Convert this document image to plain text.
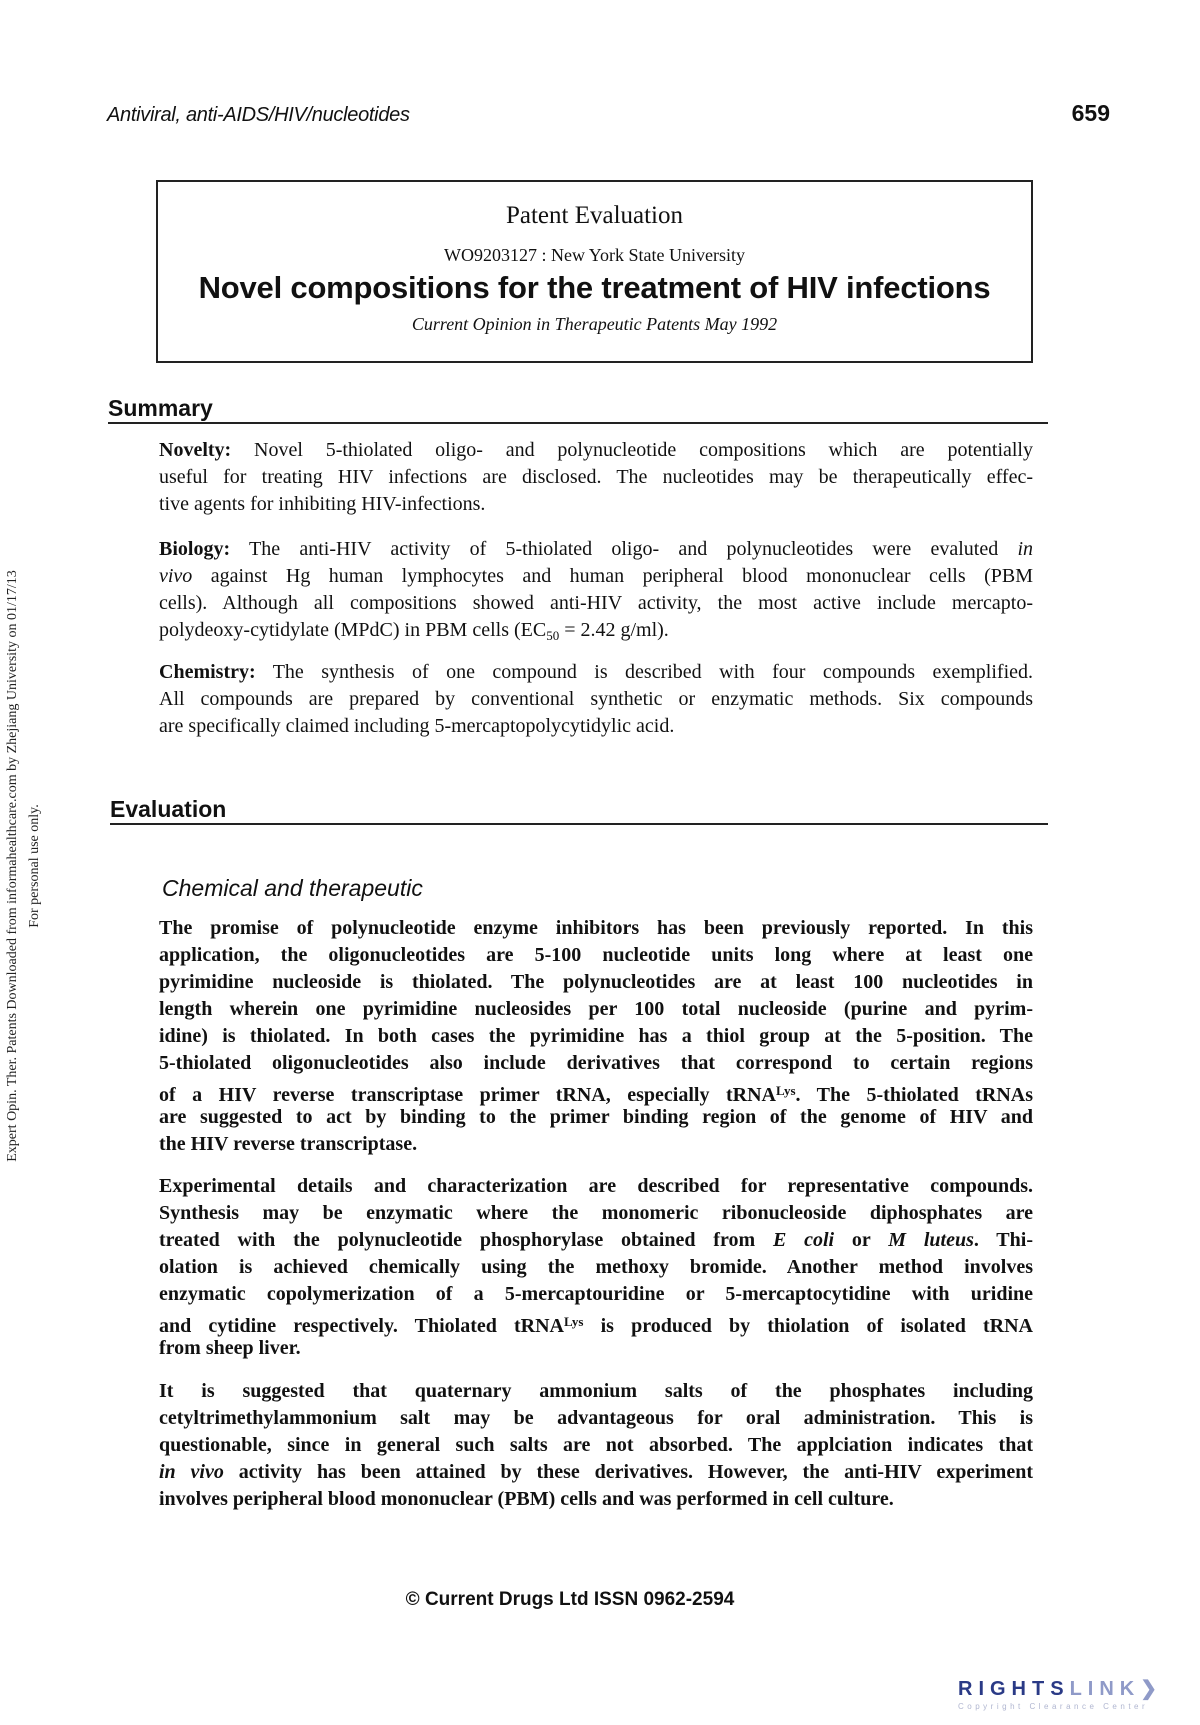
Antiviral, anti-AIDS/HIV/nucleotides	659
Patent Evaluation
WO9203127 : New York State University
Novel compositions for the treatment of HIV infections
Current Opinion in Therapeutic Patents May 1992
Summary
Novelty: Novel 5-thiolated oligo- and polynucleotide compositions which are potentially
useful for treating HIV infections are disclosed. The nucleotides may be therapeutically effec-
tive agents for inhibiting HIV-infections.
Biology: The anti-HIV activity of 5-thiolated oligo- and polynucleotides were evaluted in
vivo against Hg human lymphocytes and human peripheral blood mononuclear cells (PBM
cells). Although all compositions showed anti-HIV activity, the most active include mercapto-
polydeoxy-cytidylate (MPdC) in PBM cells ($EC_{50} = 2.42$ g/ml).
Chemistry: The synthesis of one compound is described with four compounds exemplified.
All compounds are prepared by conventional synthetic or enzymatic methods. Six compounds
are specifically claimed including 5-mercaptopolycytidylic acid.
Evaluation
Chemical and therapeutic
The promise of polynucleotide enzyme inhibitors has been previously reported. In this
application, the oligonucleotides are 5-100 nucleotide units long where at least one
pyrimidine nucleoside is thiolated. The polynucleotides are at least 100 nucleotides in
length wherein one pyrimidine nucleosides per 100 total nucleoside (purine and pyrim-
idine) is thiolated. In both cases the pyrimidine has a thiol group at the 5-position. The
5-thiolated oligonucleotides also include derivatives that correspond to certain regions
of a HIV reverse transcriptase primer tRNA, especially tRNA$^{Lys}$. The 5-thiolated tRNAs
are suggested to act by binding to the primer binding region of the genome of HIV and
the HIV reverse transcriptase.
Experimental details and characterization are described for representative compounds.
Synthesis may be enzymatic where the monomeric ribonucleoside diphosphates are
treated with the polynucleotide phosphorylase obtained from E coli or M luteus. Thi-
olation is achieved chemically using the methoxy bromide. Another method involves
enzymatic copolymerization of a 5-mercaptouridine or 5-mercaptocytidine with uridine
and cytidine respectively. Thiolated tRNA$^{Lys}$ is produced by thiolation of isolated tRNA
from sheep liver.
It is suggested that quaternary ammonium salts of the phosphates including
cetyltrimethylammonium salt may be advantageous for oral administration. This is
questionable, since in general such salts are not absorbed. The applciation indicates that
in vivo activity has been attained by these derivatives. However, the anti-HIV experiment
involves peripheral blood mononuclear (PBM) cells and was performed in cell culture.
© Current Drugs Ltd ISSN 0962-2594
Expert Opin. Ther. Patents Downloaded from informahealthcare.com by Zhejiang University on 01/17/13 For personal use only.
RIGHTSLINK❯
Copyright Clearance Center
